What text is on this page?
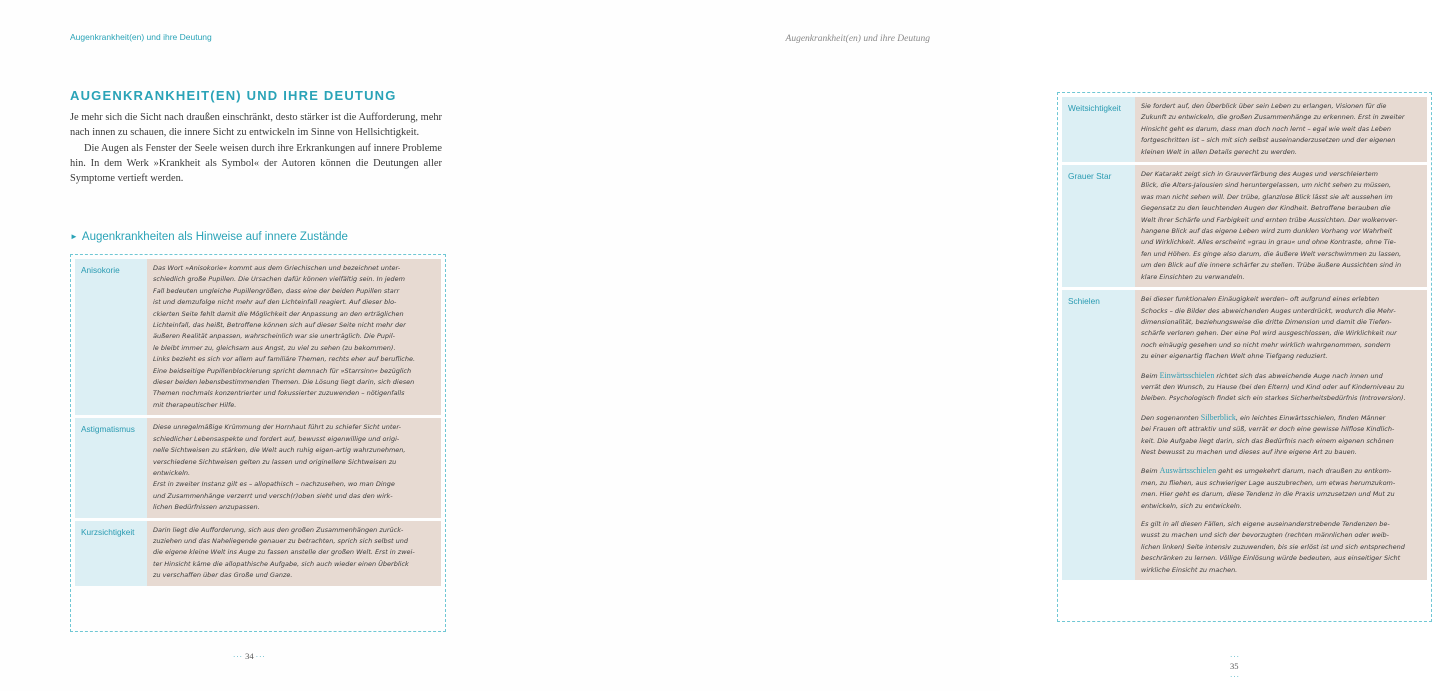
Augenkrankheit(en) und ihre Deutung
AUGENKRANKHEIT(EN) UND IHRE DEUTUNG

Je mehr sich die Sicht nach draußen einschränkt, desto stärker ist die Aufforderung, mehr nach innen zu schauen, die innere Sicht zu entwickeln im Sinne von Hellsichtigkeit.

Die Augen als Fenster der Seele weisen durch ihre Erkrankungen auf innere Probleme hin. In dem Werk »Krankheit als Symbol« der Autoren können die Deutungen aller Symptome vertieft werden.

► Augenkrankheiten als Hinweise auf innere Zustände
Anisokorie	Das Wort »Anisokorie« kommt aus dem Griechischen und bezeichnet unter-
schiedlich große Pupillen. Die Ursachen dafür können vielfältig sein. In jedem
Fall bedeuten ungleiche Pupillengrößen, dass eine der beiden Pupillen starr
ist und demzufolge nicht mehr auf den Lichteinfall reagiert. Auf dieser blo-
ckierten Seite fehlt damit die Möglichkeit der Anpassung an den erträglichen
Lichteinfall, das heißt, Betroffene können sich auf dieser Seite nicht mehr der
äußeren Realität anpassen, wahrscheinlich war sie unerträglich. Die Pupil-
le bleibt immer zu, gleichsam aus Angst, zu viel zu sehen (zu bekommen).
Links bezieht es sich vor allem auf familiäre Themen, rechts eher auf berufliche.
Eine beidseitige Pupillenblockierung spricht demnach für »Starrsinn« bezüglich
dieser beiden lebensbestimmenden Themen. Die Lösung liegt darin, sich diesen
Themen nochmals konzentrierter und fokussierter zuzuwenden – nötigenfalls
mit therapeutischer Hilfe.
Astigmatismus	Diese unregelmäßige Krümmung der Hornhaut führt zu schiefer Sicht unter-
schiedlicher Lebensaspekte und fordert auf, bewusst eigenwillige und origi-
nelle Sichtweisen zu stärken, die Welt auch ruhig eigen-artig wahrzunehmen,
verschiedene Sichtweisen gelten zu lassen und originellere Sichtweisen zu
entwickeln.
Erst in zweiter Instanz gilt es – allopathisch – nachzusehen, wo man Dinge
und Zusammenhänge verzerrt und versch(r)oben sieht und das den wirk-
lichen Bedürfnissen anzupassen.
Kurzsichtigkeit	Darin liegt die Aufforderung, sich aus den großen Zusammenhängen zurück-
zuziehen und das Naheliegende genauer zu betrachten, sprich sich selbst und
die eigene kleine Welt ins Auge zu fassen anstelle der großen Welt. Erst in zwei-
ter Hinsicht käme die allopathische Aufgabe, sich auch wieder einen Überblick
zu verschaffen über das Große und Ganze.
··· 34 ···
Augenkrankheit(en) und ihre Deutung
Weitsichtigkeit	Sie fordert auf, den Überblick über sein Leben zu erlangen, Visionen für die
Zukunft zu entwickeln, die großen Zusammenhänge zu erkennen. Erst in zweiter
Hinsicht geht es darum, dass man doch noch lernt – egal wie weit das Leben
fortgeschritten ist – sich mit sich selbst auseinanderzusetzen und der eigenen
kleinen Welt in allen Details gerecht zu werden.
Grauer Star	Der Katarakt zeigt sich in Grauverfärbung des Auges und verschleiertem
Blick, die Alters-Jalousien sind heruntergelassen, um nicht sehen zu müssen,
was man nicht sehen will. Der trübe, glanzlose Blick lässt sie alt aussehen im
Gegensatz zu den leuchtenden Augen der Kindheit. Betroffene berauben die
Welt ihrer Schärfe und Farbigkeit und ernten trübe Aussichten. Der wolkenver-
hangene Blick auf das eigene Leben wird zum dunklen Vorhang vor Wahrheit
und Wirklichkeit. Alles erscheint »grau in grau« und ohne Kontraste, ohne Tie-
fen und Höhen. Es ginge also darum, die äußere Welt verschwimmen zu lassen,
um den Blick auf die innere schärfer zu stellen. Trübe äußere Aussichten sind in
klare Einsichten zu verwandeln.
Schielen	Bei dieser funktionalen Einäugigkeit werden– oft aufgrund eines erlebten
Schocks – die Bilder des abweichenden Auges unterdrückt, wodurch die Mehr-
dimensionalität, beziehungsweise die dritte Dimension und damit die Tiefen-
schärfe verloren gehen. Der eine Pol wird ausgeschlossen, die Wirklichkeit nur
noch einäugig gesehen und so nicht mehr wirklich wahrgenommen, sondern
zu einer eigenartig flachen Welt ohne Tiefgang reduziert.
Beim Einwärtsschielen richtet sich das abweichende Auge nach innen und
verrät den Wunsch, zu Hause (bei den Eltern) und Kind oder auf Kinderniveau zu
bleiben. Psychologisch findet sich ein starkes Sicherheitsbedürfnis (Introversion).
Den sogenannten Silberblick, ein leichtes Einwärtsschielen, finden Männer
bei Frauen oft attraktiv und süß, verrät er doch eine gewisse hilflose Kindlich-
keit. Die Aufgabe liegt darin, sich das Bedürfnis nach einem eigenen schönen
Nest bewusst zu machen und dieses auf ihre eigene Art zu bauen.
Beim Auswärtsschielen geht es umgekehrt darum, nach draußen zu entkom-
men, zu fliehen, aus schwieriger Lage auszubrechen, um etwas herumzukom-
men. Hier geht es darum, diese Tendenz in die Praxis umzusetzen und Mut zu
entwickeln, sich zu entwickeln.
Es gilt in all diesen Fällen, sich eigene auseinanderstrebende Tendenzen be-
wusst zu machen und sich der bevorzugten (rechten männlichen oder weib-
lichen linken) Seite intensiv zuzuwenden, bis sie erlöst ist und sich entsprechend
beschränken zu lernen. Völlige Einlösung würde bedeuten, aus einseitiger Sicht
wirkliche Einsicht zu machen.
··· 35 ···
